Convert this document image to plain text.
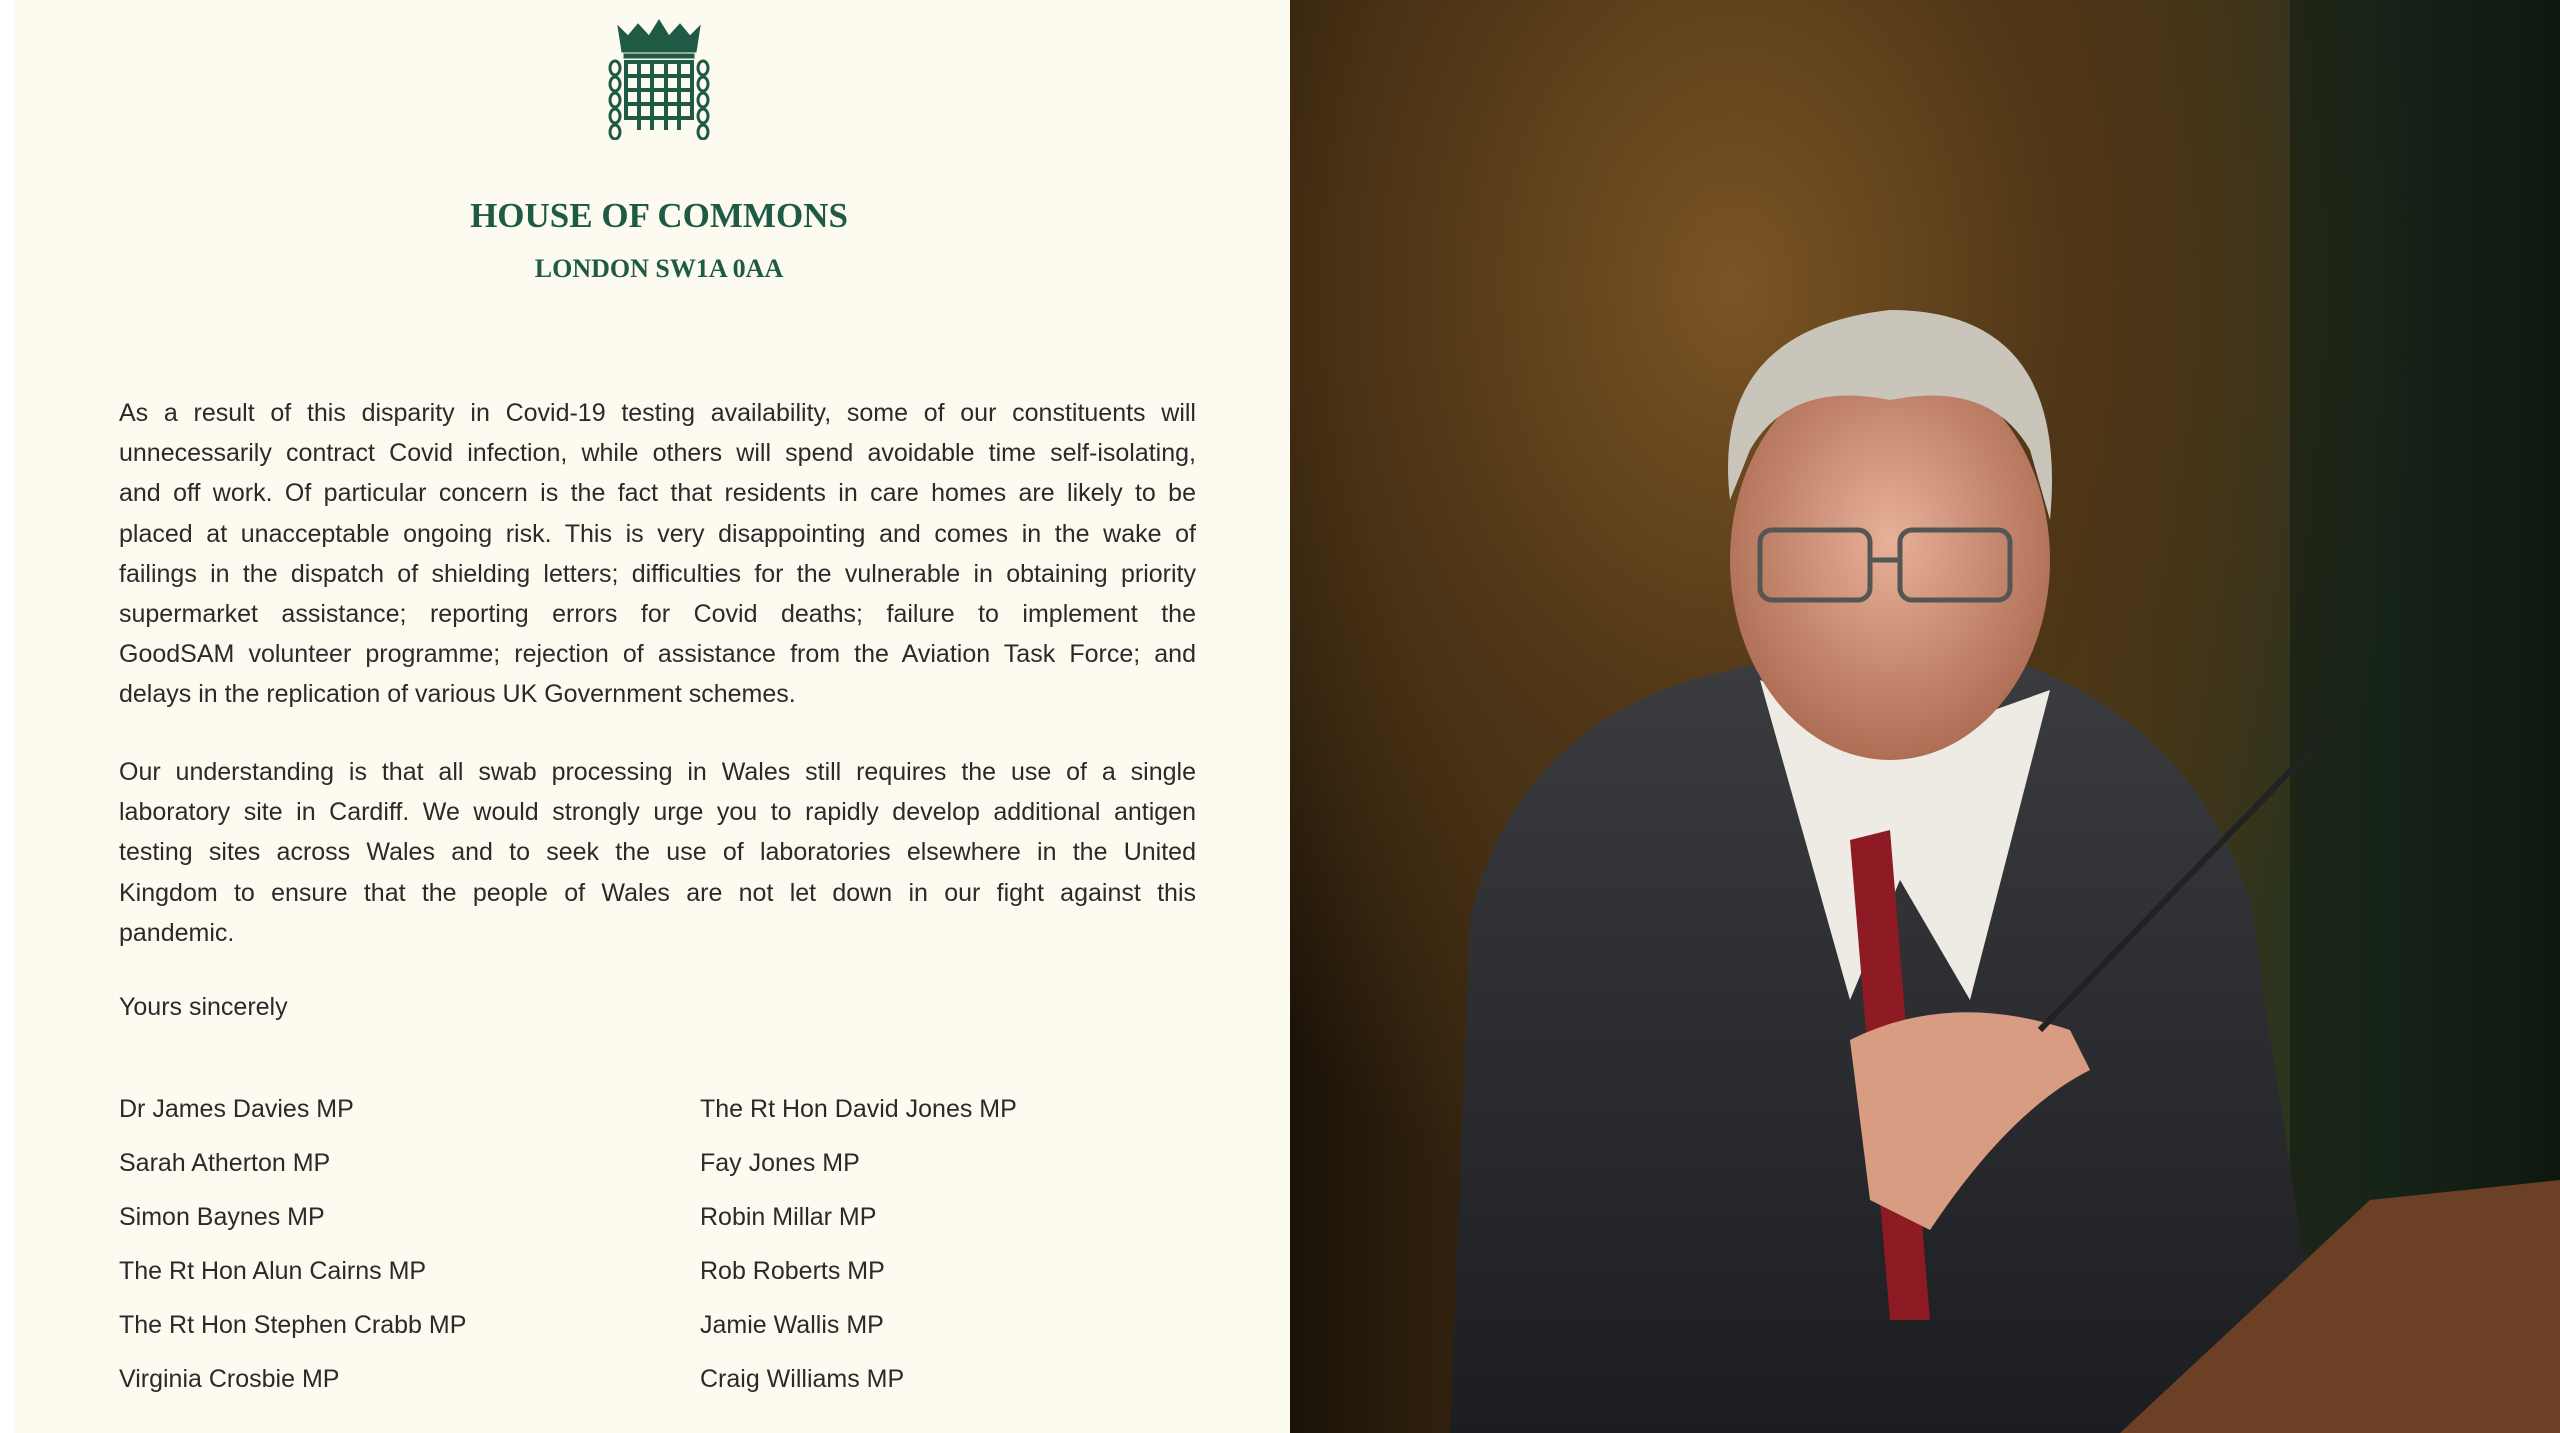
HOUSE OF COMMONS
LONDON SW1A 0AA
As a result of this disparity in Covid-19 testing availability, some of our constituents will
unnecessarily contract Covid infection, while others will spend avoidable time self-isolating,
and off work. Of particular concern is the fact that residents in care homes are likely to be
placed at unacceptable ongoing risk. This is very disappointing and comes in the wake of
failings in the dispatch of shielding letters; difficulties for the vulnerable in obtaining priority
supermarket assistance; reporting errors for Covid deaths; failure to implement the
GoodSAM volunteer programme; rejection of assistance from the Aviation Task Force; and
delays in the replication of various UK Government schemes.
Our understanding is that all swab processing in Wales still requires the use of a single
laboratory site in Cardiff. We would strongly urge you to rapidly develop additional antigen
testing sites across Wales and to seek the use of laboratories elsewhere in the United
Kingdom to ensure that the people of Wales are not let down in our fight against this
pandemic.
Yours sincerely
Dr James Davies MP
Sarah Atherton MP
Simon Baynes MP
The Rt Hon Alun Cairns MP
The Rt Hon Stephen Crabb MP
Virginia Crosbie MP
The Rt Hon David Jones MP
Fay Jones MP
Robin Millar MP
Rob Roberts MP
Jamie Wallis MP
Craig Williams MP
